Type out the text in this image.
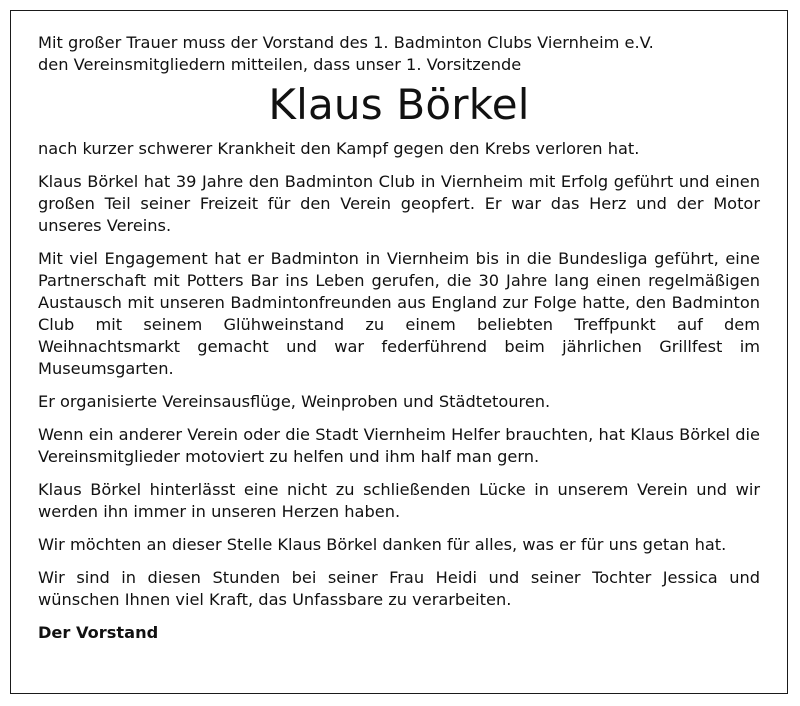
Mit großer Trauer muss der Vorstand des 1. Badminton Clubs Viernheim e.V.

den Vereinsmitgliedern mitteilen, dass unser 1. Vorsitzende

Klaus Börkel

nach kurzer schwerer Krankheit den Kampf gegen den Krebs verloren hat.

Klaus Börkel hat 39 Jahre den Badminton Club in Viernheim mit Erfolg geführt und einen großen Teil seiner Freizeit für den Verein geopfert. Er war das Herz und der Motor unseres Vereins.

Mit viel Engagement hat er Badminton in Viernheim bis in die Bundesliga geführt, eine Partnerschaft mit Potters Bar ins Leben gerufen, die 30 Jahre lang einen regelmäßigen Austausch mit unseren Badmintonfreunden aus England zur Folge hatte, den Badminton Club mit seinem Glühweinstand zu einem beliebten Treffpunkt auf dem Weihnachtsmarkt gemacht und war federführend beim jährlichen Grillfest im Museumsgarten.

Er organisierte Vereinsausflüge, Weinproben und Städtetouren.

Wenn ein anderer Verein oder die Stadt Viernheim Helfer brauchten, hat Klaus Börkel die Vereinsmitglieder motoviert zu helfen und ihm half man gern.

Klaus Börkel hinterlässt eine nicht zu schließenden Lücke in unserem Verein und wir werden ihn immer in unseren Herzen haben.

Wir möchten an dieser Stelle Klaus Börkel danken für alles, was er für uns getan hat.

Wir sind in diesen Stunden bei seiner Frau Heidi und seiner Tochter Jessica und wünschen Ihnen viel Kraft, das Unfassbare zu verarbeiten.

Der Vorstand
